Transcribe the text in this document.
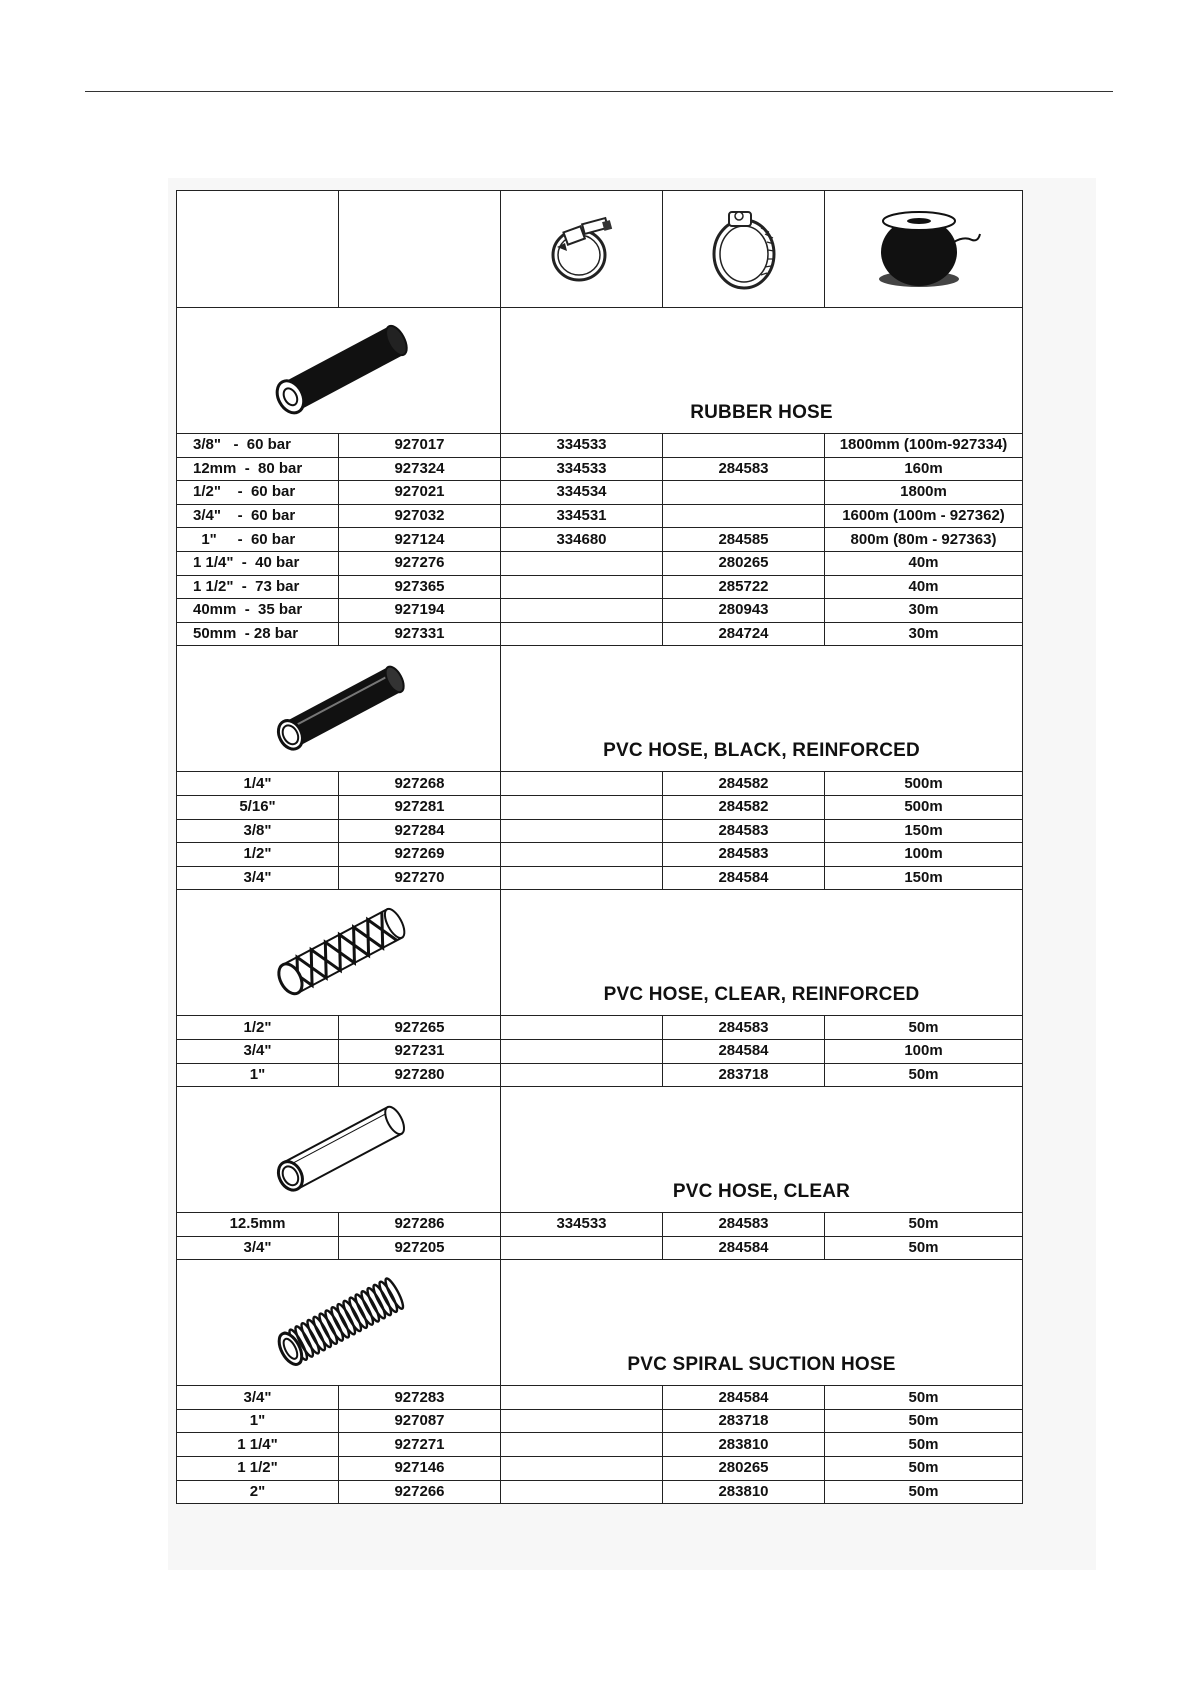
	RUBBER HOSE		
3/8"   -  60 bar	927017	334533		1800mm (100m-927334)
12mm  -  80 bar	927324	334533	284583	160m
1/2"    -  60 bar	927021	334534		1800m
3/4"    -  60 bar	927032	334531		1600m (100m - 927362)
1"     -  60 bar	927124	334680	284585	800m (80m - 927363)
1 1/4"  -  40 bar	927276		280265	40m
1 1/2"  -  73 bar	927365		285722	40m
40mm  -  35 bar	927194		280943	30m
50mm  - 28 bar	927331		284724	30m

	PVC HOSE, BLACK, REINFORCED		
1/4"	927268		284582	500m
5/16"	927281		284582	500m
3/8"	927284		284583	150m
1/2"	927269		284583	100m
3/4"	927270		284584	150m

	PVC HOSE, CLEAR, REINFORCED		
1/2"	927265		284583	50m
3/4"	927231		284584	100m
1"	927280		283718	50m

	PVC HOSE, CLEAR		
12.5mm	927286	334533	284583	50m
3/4"	927205		284584	50m

	PVC SPIRAL SUCTION HOSE		
3/4"	927283		284584	50m
1"	927087		283718	50m
1 1/4"	927271		283810	50m
1 1/2"	927146		280265	50m
2"	927266		283810	50m
